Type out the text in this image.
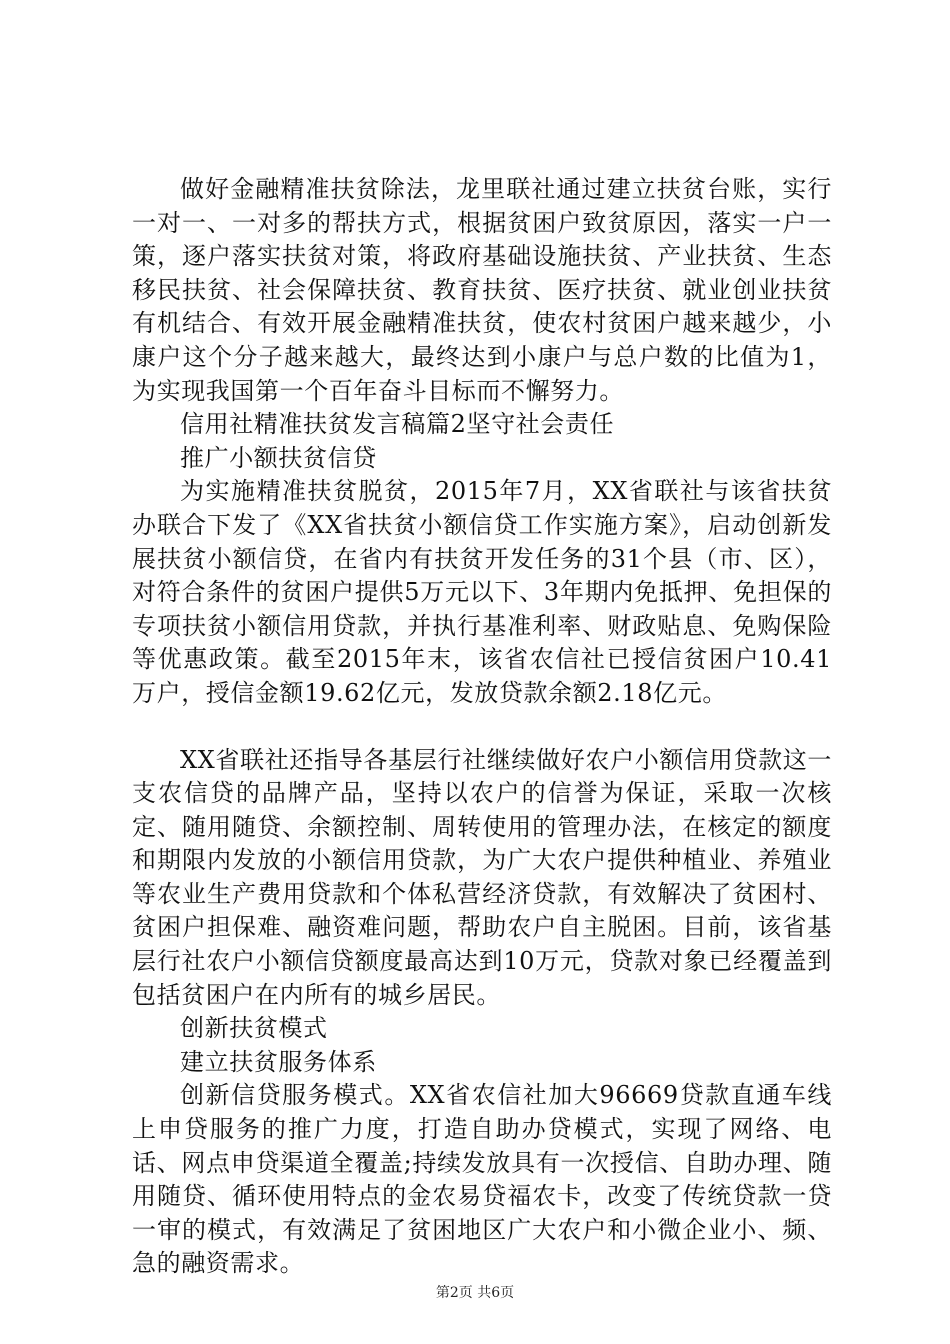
做好金融精准扶贫除法，龙里联社通过建立扶贫台账，实行一对一、一对多的帮扶方式，根据贫困户致贫原因，落实一户一策，逐户落实扶贫对策，将政府基础设施扶贫、产业扶贫、生态移民扶贫、社会保障扶贫、教育扶贫、医疗扶贫、就业创业扶贫有机结合、有效开展金融精准扶贫，使农村贫困户越来越少，小康户这个分子越来越大，最终达到小康户与总户数的比值为1，为实现我国第一个百年奋斗目标而不懈努力。

信用社精准扶贫发言稿篇2坚守社会责任

推广小额扶贫信贷

为实施精准扶贫脱贫，2015年7月，XX省联社与该省扶贫办联合下发了《XX省扶贫小额信贷工作实施方案》，启动创新发展扶贫小额信贷，在省内有扶贫开发任务的31个县（市、区），对符合条件的贫困户提供5万元以下、3年期内免抵押、免担保的专项扶贫小额信用贷款，并执行基准利率、财政贴息、免购保险等优惠政策。截至2015年末，该省农信社已授信贫困户10.41万户，授信金额19.62亿元，发放贷款余额2.18亿元。

XX省联社还指导各基层行社继续做好农户小额信用贷款这一支农信贷的品牌产品，坚持以农户的信誉为保证，采取一次核定、随用随贷、余额控制、周转使用的管理办法，在核定的额度和期限内发放的小额信用贷款，为广大农户提供种植业、养殖业等农业生产费用贷款和个体私营经济贷款，有效解决了贫困村、贫困户担保难、融资难问题，帮助农户自主脱困。目前，该省基层行社农户小额信贷额度最高达到10万元，贷款对象已经覆盖到包括贫困户在内所有的城乡居民。

创新扶贫模式

建立扶贫服务体系

创新信贷服务模式。XX省农信社加大96669贷款直通车线上申贷服务的推广力度，打造自助办贷模式，实现了网络、电话、网点申贷渠道全覆盖;持续发放具有一次授信、自助办理、随用随贷、循环使用特点的金农易贷福农卡，改变了传统贷款一贷一审的模式，有效满足了贫困地区广大农户和小微企业小、频、急的融资需求。

第2页 共6页
